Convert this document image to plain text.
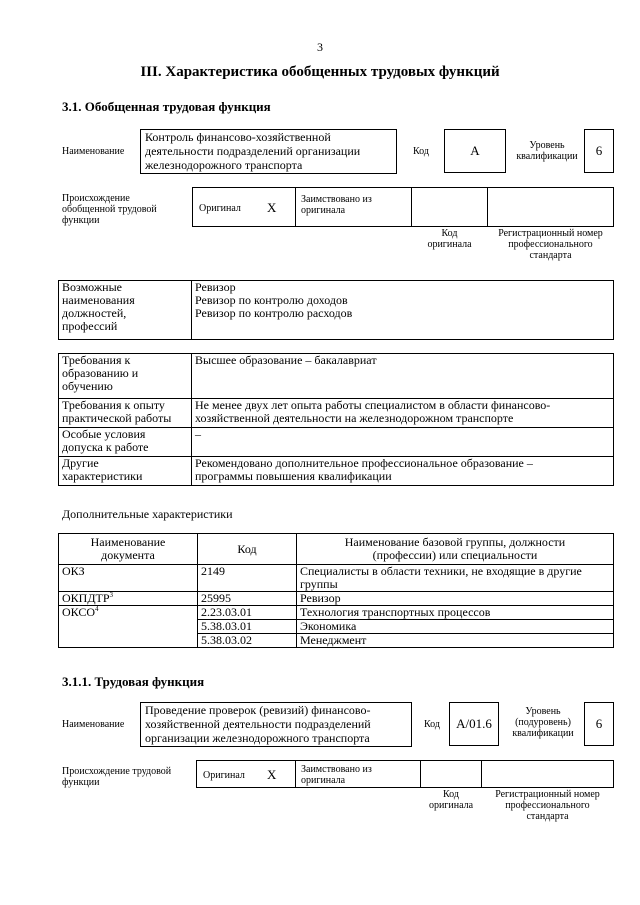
3
III. Характеристика обобщенных трудовых функций
3.1. Обобщенная трудовая функция
Наименование
Контроль финансово-хозяйственной
деятельности подразделений организации
железнодорожного транспорта
Код	А	Уровень
квалификации	6
Происхождение
обобщенной трудовой
функции
Оригинал Х
Заимствовано из
оригинала
Код
оригинала
Регистрационный номер
профессионального
стандарта
Возможные
наименования
должностей,
профессий	Ревизор
Ревизор по контролю доходов
Ревизор по контролю расходов
Требования к
образованию и
обучению	Высшее образование – бакалавриат
Требования к опыту
практической работы	Не менее двух лет опыта работы специалистом в области финансово-
хозяйственной деятельности на железнодорожном транспорте
Особые условия
допуска к работе	–
Другие
характеристики	Рекомендовано дополнительное профессиональное образование –
программы повышения квалификации
Дополнительные характеристики
Наименование
документа	Код	Наименование базовой группы, должности
(профессии) или специальности
ОКЗ	2149	Специалисты в области техники, не входящие в другие
группы
ОКПДТР$^3$	25995	Ревизор
ОКСО$^4$	2.23.03.01	Технология транспортных процессов
	5.38.03.01	Экономика
	5.38.03.02	Менеджмент
3.1.1. Трудовая функция
Наименование
Проведение проверок (ревизий) финансово-
хозяйственной деятельности подразделений
организации железнодорожного транспорта
Код	А/01.6
Уровень
(подуровень)
квалификации
6
Происхождение трудовой
функции
Оригинал Х Заимствовано из
оригинала
Код
оригинала
Регистрационный номер
профессионального
стандарта
